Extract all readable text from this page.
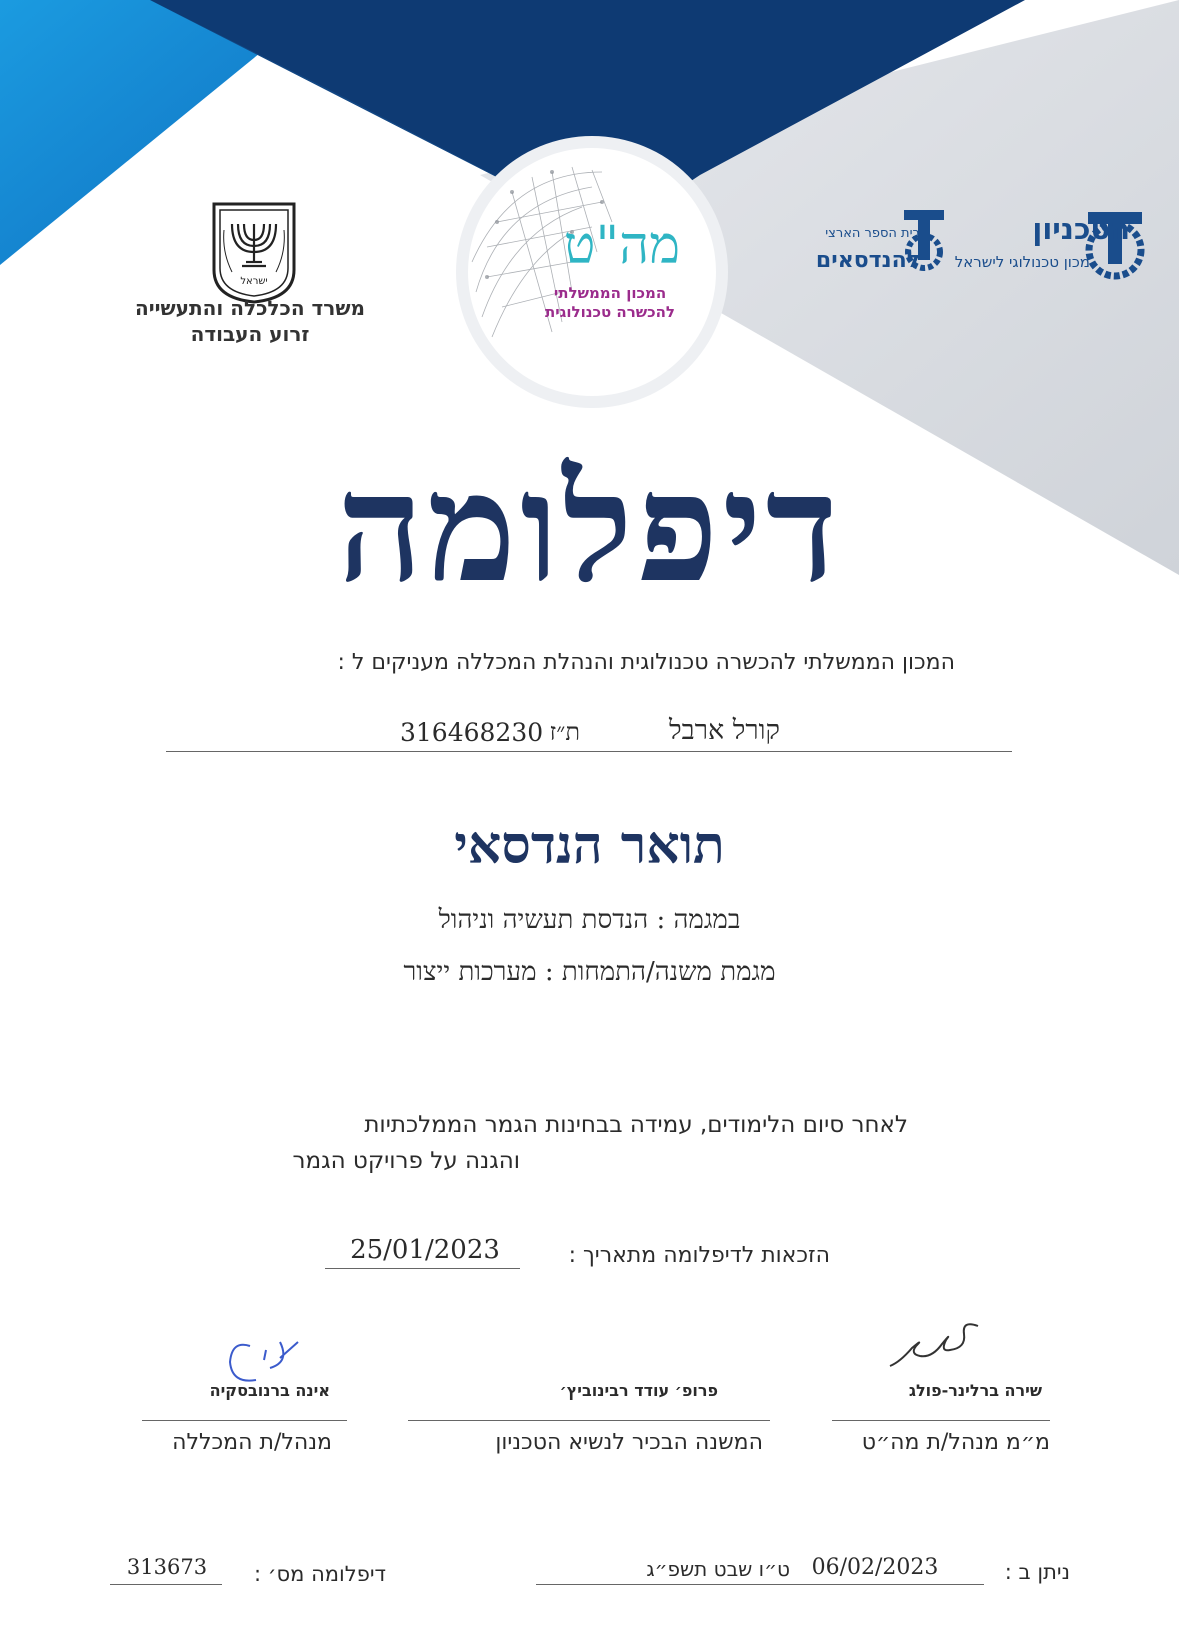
ישראל
משרד הכלכלה והתעשייה
זרוע העבודה
מה"ט
המכון הממשלתי
להכשרה טכנולוגית
הטכניון
מכון טכנולוגי לישראל
בית הספר הארצי
להנדסאים
דיפלומה
המכון הממשלתי להכשרה טכנולוגית והנהלת המכללה מעניקים ל :
קורל ארבל
ת״ז
316468230
תואר הנדסאי
במגמה : הנדסת תעשיה וניהול
מגמת משנה/התמחות : מערכות ייצור
לאחר סיום הלימודים, עמידה בבחינות הגמר הממלכתיות
והגנה על פרויקט הגמר
הזכאות לדיפלומה מתאריך :
25/01/2023
שירה ברלינר-פולג
פרופ׳ עודד רבינוביץ׳
אינה ברנובסקיה
מ״מ מנהל/ת מה״ט
המשנה הבכיר לנשיא הטכניון
מנהל/ת המכללה
ניתן ב :
06/02/2023
ט״ו שבט תשפ״ג
דיפלומה מס׳ :
313673
